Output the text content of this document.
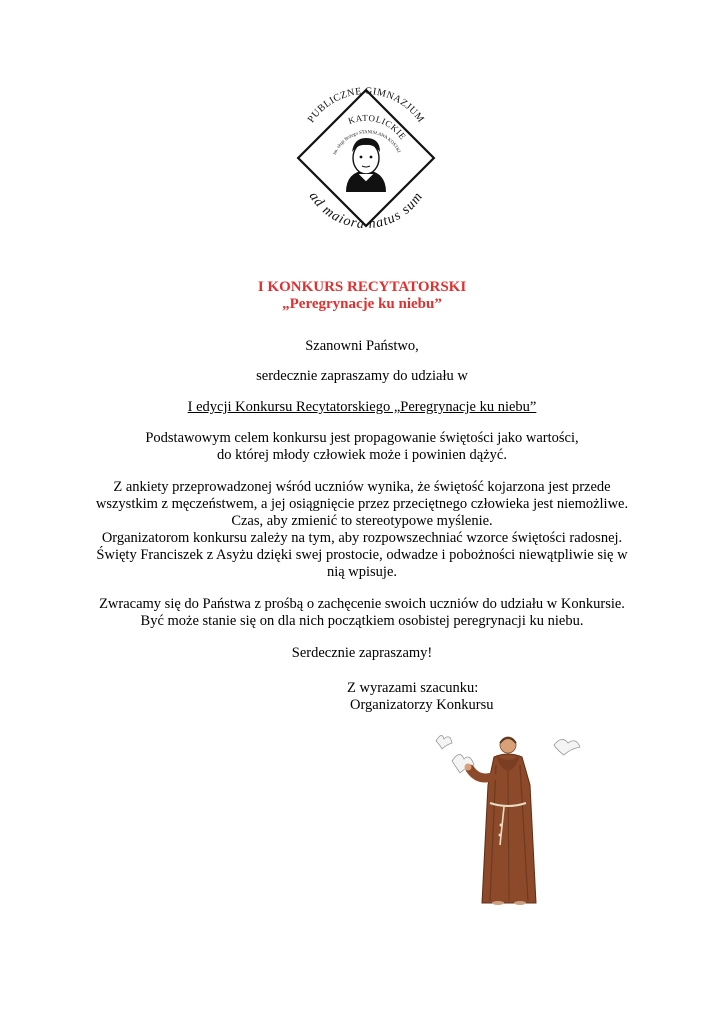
PUBLICZNE GIMNAZJUM
KATOLICKIE
im. sługi Bożego STANISŁAWA KOSTKI
ad maiora natus sum
I KONKURS RECYTATORSKI
„Peregrynacje ku niebu”
Szanowni Państwo,
serdecznie zapraszamy do udziału w
I edycji Konkursu Recytatorskiego „Peregrynacje ku niebu”
Podstawowym celem konkursu jest propagowanie świętości jako wartości,
do której młody człowiek może i powinien dążyć.
Z ankiety przeprowadzonej wśród uczniów wynika, że świętość kojarzona jest przede
wszystkim z męczeństwem, a jej osiągnięcie przez przeciętnego człowieka jest niemożliwe.
Czas, aby zmienić to stereotypowe myślenie.
Organizatorom konkursu zależy na tym, aby rozpowszechniać wzorce świętości radosnej.
Święty Franciszek z Asyżu dzięki swej prostocie, odwadze i pobożności niewątpliwie się w
nią wpisuje.
Zwracamy się do Państwa z prośbą o zachęcenie swoich uczniów do udziału w Konkursie.
Być może stanie się on dla nich początkiem osobistej peregrynacji ku niebu.
Serdecznie zapraszamy!
Z wyrazami szacunku:
Organizatorzy Konkursu
